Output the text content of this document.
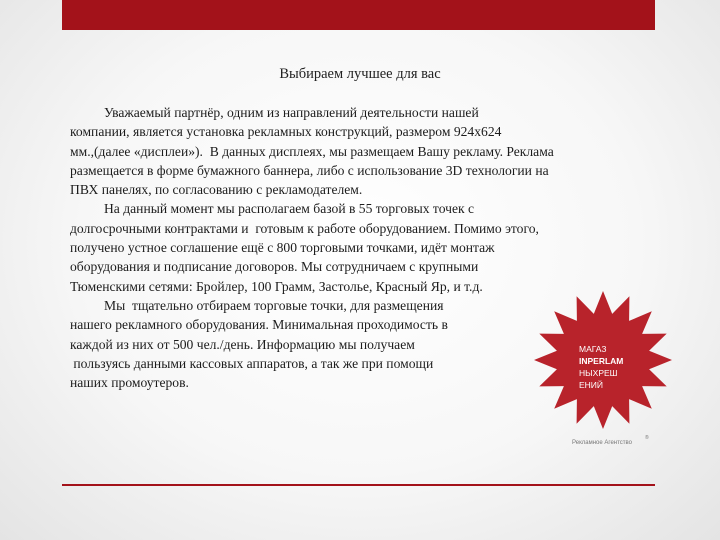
Выбираем лучшее для вас
Уважаемый партнёр, одним из направлений деятельности нашей
компании, является установка рекламных конструкций, размером 924х624
мм.,(далее «дисплеи»).  В данных дисплеях, мы размещаем Вашу рекламу. Реклама
размещается в форме бумажного баннера, либо с использование 3D технологии на
ПВХ панелях, по согласованию с рекламодателем.
На данный момент мы располагаем базой в 55 торговых точек с
долгосрочными контрактами и  готовым к работе оборудованием. Помимо этого,
получено устное соглашение ещё с 800 торговыми точками, идёт монтаж
оборудования и подписание договоров. Мы сотрудничаем с крупными
Тюменскими сетями: Бройлер, 100 Грамм, Застолье, Красный Яр, и т.д.
Мы  тщательно отбираем торговые точки, для размещения
нашего рекламного оборудования. Минимальная проходимость в
каждой из них от 500 чел./день. Информацию мы получаем
пользуясь данными кассовых аппаратов, а так же при помощи
наших промоутеров.
МАГАЗ
INPERLAM
НЫХРЕШ
ЕНИЙ
Рекламное Агентство
®
